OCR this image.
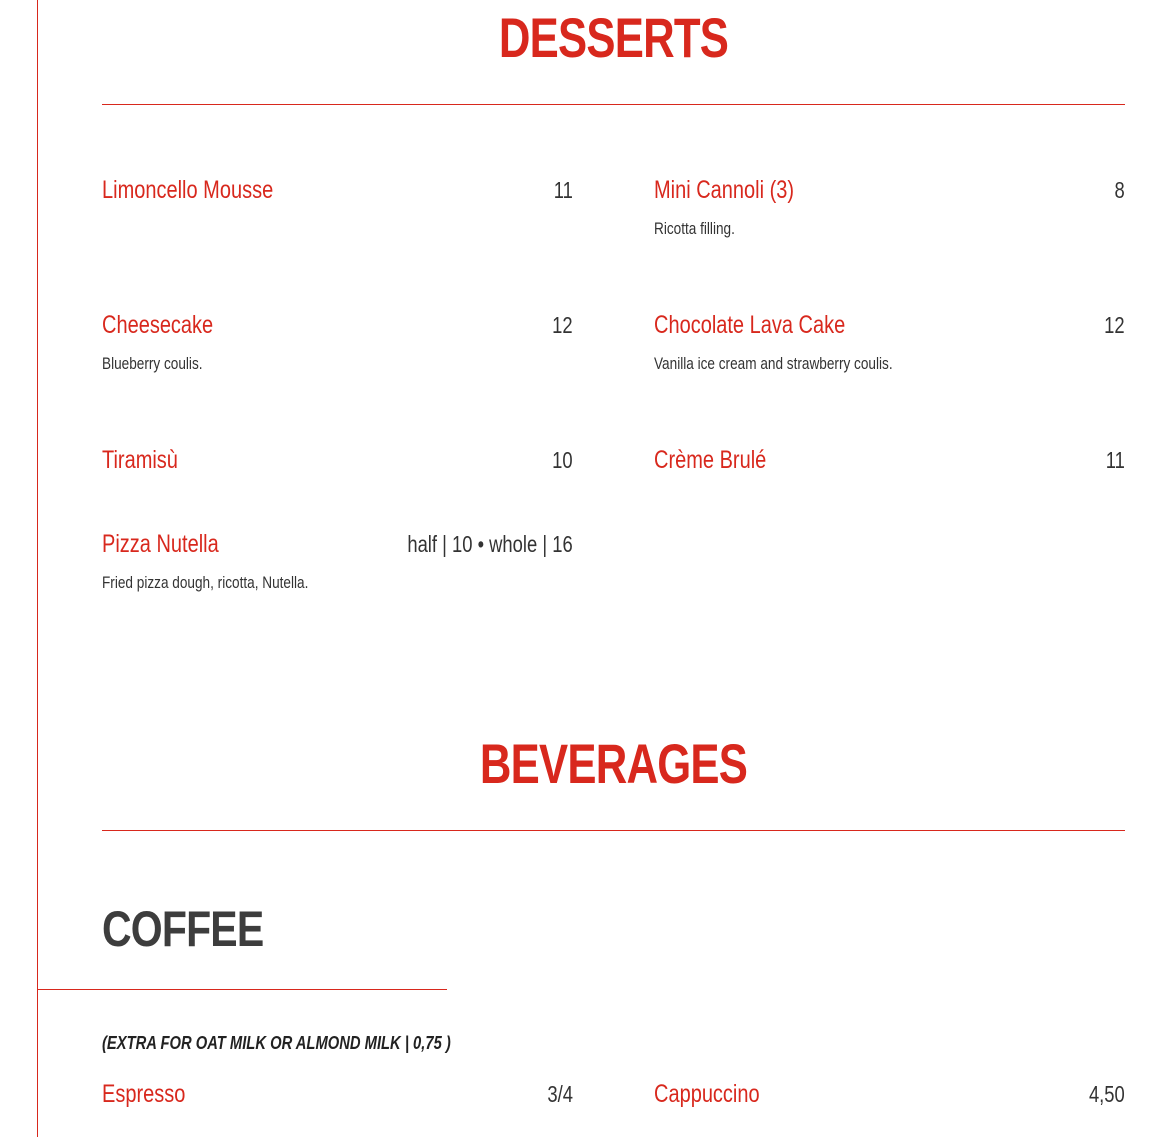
DESSERTS
Limoncello Mousse	11	Mini Cannoli (3)	8
Ricotta filling.
Cheesecake	12
Blueberry coulis.
Chocolate Lava Cake	12
Vanilla ice cream and strawberry coulis.
Tiramisù	10	Crème Brulé	11
Pizza Nutella	half | 10 • whole | 16
Fried pizza dough, ricotta, Nutella.
BEVERAGES
COFFEE
(EXTRA FOR OAT MILK OR ALMOND MILK | 0,75 )
Espresso	3/4	Cappuccino	4,50
